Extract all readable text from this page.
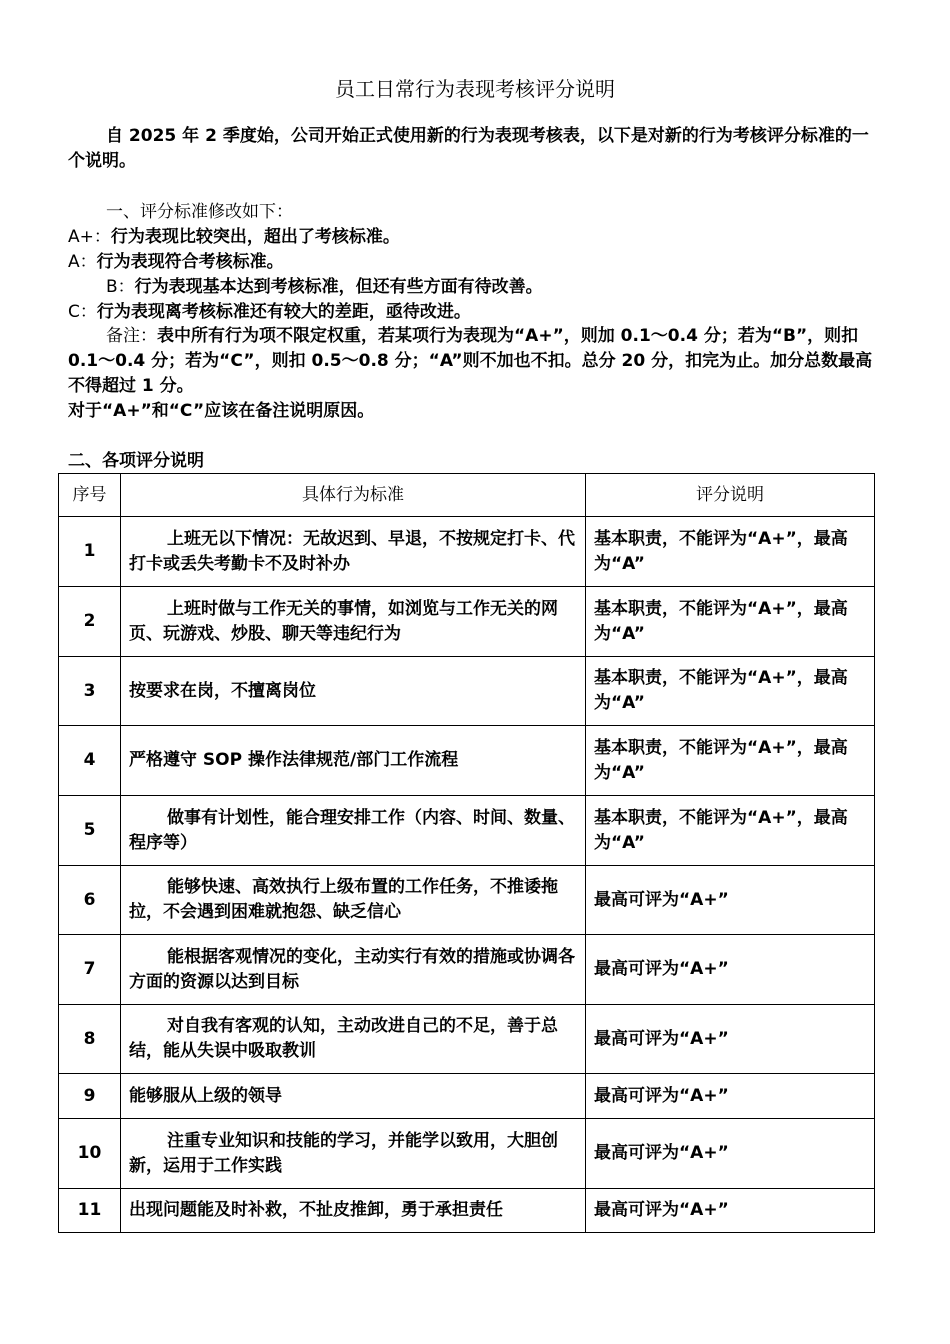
员工日常行为表现考核评分说明
自 2025 年 2 季度始，公司开始正式使用新的行为表现考核表，以下是对新的行为考核评分标准的一个说明。
一、评分标准修改如下：
A+：行为表现比较突出，超出了考核标准。
A：行为表现符合考核标准。
B：行为表现基本达到考核标准，但还有些方面有待改善。
C：行为表现离考核标准还有较大的差距，亟待改进。
备注：表中所有行为项不限定权重，若某项行为表现为“A+”，则加 0.1～0.4 分；若为“B”，则扣 0.1～0.4 分；若为“C”，则扣 0.5～0.8 分；“A”则不加也不扣。总分 20 分，扣完为止。加分总数最高不得超过 1 分。
对于“A+”和“C”应该在备注说明原因。
二、各项评分说明
序号	具体行为标准	评分说明
1	上班无以下情况：无故迟到、早退，不按规定打卡、代打卡或丢失考勤卡不及时补办	基本职责，不能评为“A+”，最高为“A”
2	上班时做与工作无关的事情，如浏览与工作无关的网页、玩游戏、炒股、聊天等违纪行为	基本职责，不能评为“A+”，最高为“A”
3	按要求在岗，不擅离岗位	基本职责，不能评为“A+”，最高为“A”
4	严格遵守 SOP 操作法律规范/部门工作流程	基本职责，不能评为“A+”，最高为“A”
5	做事有计划性，能合理安排工作（内容、时间、数量、程序等）	基本职责，不能评为“A+”，最高为“A”
6	能够快速、高效执行上级布置的工作任务，不推诿拖拉，不会遇到困难就抱怨、缺乏信心	最高可评为“A+”
7	能根据客观情况的变化，主动实行有效的措施或协调各方面的资源以达到目标	最高可评为“A+”
8	对自我有客观的认知，主动改进自己的不足，善于总结，能从失误中吸取教训	最高可评为“A+”
9	能够服从上级的领导	最高可评为“A+”
10	注重专业知识和技能的学习，并能学以致用，大胆创新，运用于工作实践	最高可评为“A+”
11	出现问题能及时补救，不扯皮推卸，勇于承担责任	最高可评为“A+”
